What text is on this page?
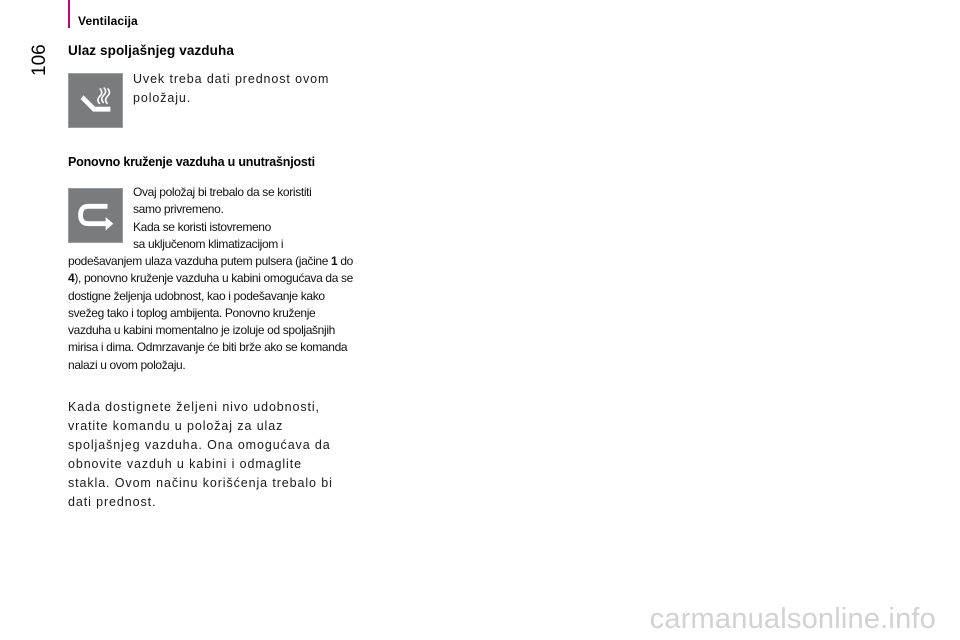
106
Ventilacija
Ulaz spoljašnjeg vazduha
Uvek treba dati prednost ovom položaju.
Ponovno kruženje vazduha u unutrašnjosti
Ovaj položaj bi trebalo da se koristiti
samo privremeno.
Kada se koristi istovremeno
sa uključenom klimatizacijom i
podešavanjem ulaza vazduha putem pulsera (jačine 1 do 4), ponovno kruženje vazduha u kabini omogućava da se dostigne željenja udobnost, kao i podešavanje kako svežeg tako i toplog ambijenta. Ponovno kruženje vazduha u kabini momentalno je izoluje od spoljašnjih mirisa i dima. Odmrzavanje će biti brže ako se komanda nalazi u ovom položaju.
Kada dostignete željeni nivo udobnosti, vratite komandu u položaj za ulaz spoljašnjeg vazduha. Ona omogućava da obnovite vazduh u kabini i odmaglite stakla. Ovom načinu korišćenja trebalo bi dati prednost.
carmanualsonline.info
